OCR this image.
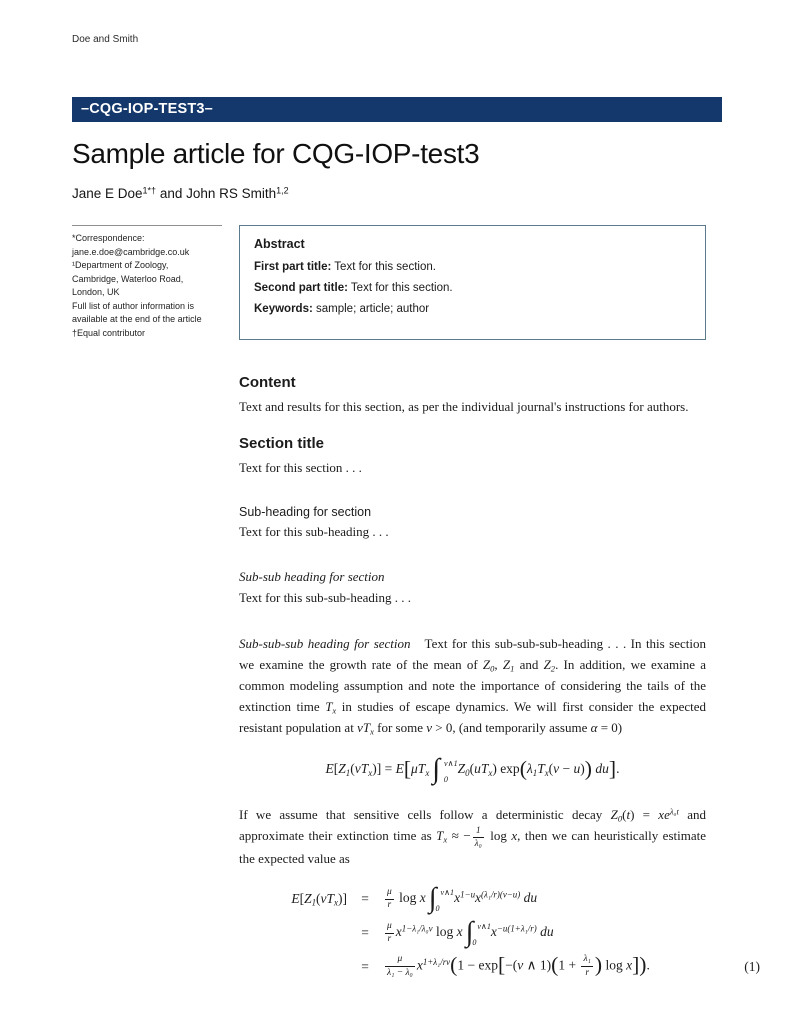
Doe and Smith
–CQG-IOP-TEST3–
Sample article for CQG-IOP-test3
Jane E Doe$^{1*\dagger}$ and John RS Smith$^{1,2}$
*Correspondence:
jane.e.doe@cambridge.co.uk
¹Department of Zoology,
Cambridge, Waterloo Road,
London, UK
Full list of author information is
available at the end of the article
†Equal contributor
Abstract
First part title: Text for this section.
Second part title: Text for this section.
Keywords: sample; article; author
Content

Text and results for this section, as per the individual journal's instructions for authors.

Section title

Text for this section . . .

Sub-heading for section

Text for this sub-heading . . .

Sub-sub heading for section

Text for this sub-sub-heading . . .

Sub-sub-sub heading for section Text for this sub-sub-sub-heading . . . In this section we examine the growth rate of the mean of $Z_0$, $Z_1$ and $Z_2$. In addition, we examine a common modeling assumption and note the importance of considering the tails of the extinction time $T_x$ in studies of escape dynamics. We will first consider the expected resistant population at $vT_x$ for some v > 0, (and temporarily assume α = 0)

$E[Z_1(vT_x)] = E[\mu T_x$ ∫ v∧1
0
$Z_0(uT_x) \exp(\lambda_1T_x(v - u))$ du].

If we assume that sensitive cells follow a deterministic decay $Z_0(t) = xe^{\lambda_0t}$ and approximate their extinction time as $T_x$ ≈ − $\frac{1}{\text{λ₀}}$ log x, then we can heuristically estimate the expected value as

$E[Z_1(vT_x)]$	=	$\frac{\mu}{r}$ log x ∫ v∧1
0
$x^{1-u}x^{(\lambda_1/r)(v-u)}$ du
=	$\frac{\mu}{r} x^{1-\lambda_1/\lambda_0v}$ log x ∫ v∧1
0
$x^{-u(1+\lambda_1/r)}$ du
=	$\frac{\mu}{\text{λ₁ − λ₀}} x^{1+\lambda_1/rv}(1 - \exp[-(v$ ∧ $1)(1 + \frac{\text{λ₁}}{r}$ ) log x]).	(1)
